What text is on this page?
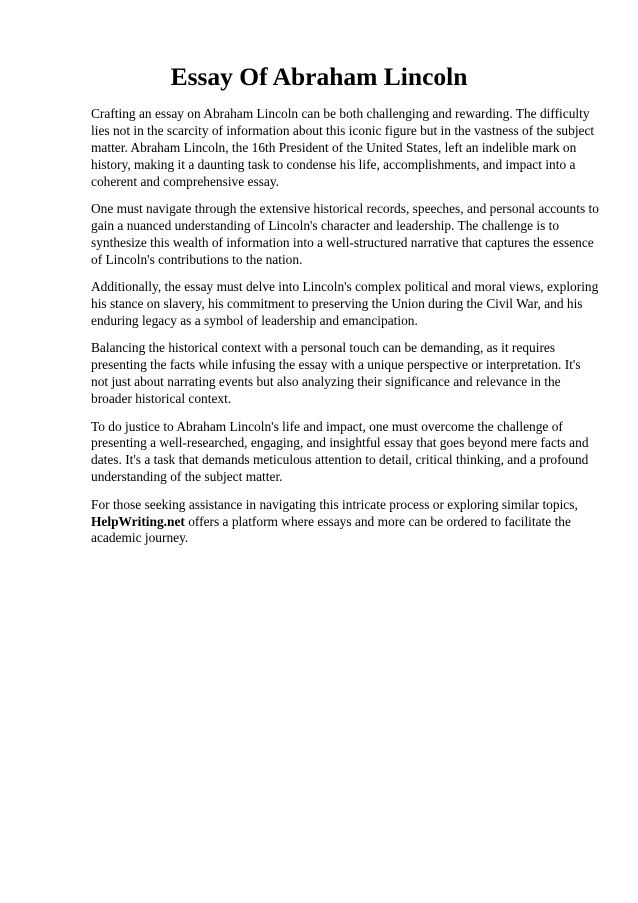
Essay Of Abraham Lincoln

Crafting an essay on Abraham Lincoln can be both challenging and rewarding. The difficulty lies not in the scarcity of information about this iconic figure but in the vastness of the subject matter. Abraham Lincoln, the 16th President of the United States, left an indelible mark on history, making it a daunting task to condense his life, accomplishments, and impact into a coherent and comprehensive essay.

One must navigate through the extensive historical records, speeches, and personal accounts to gain a nuanced understanding of Lincoln's character and leadership. The challenge is to synthesize this wealth of information into a well-structured narrative that captures the essence of Lincoln's contributions to the nation.

Additionally, the essay must delve into Lincoln's complex political and moral views, exploring his stance on slavery, his commitment to preserving the Union during the Civil War, and his enduring legacy as a symbol of leadership and emancipation.

Balancing the historical context with a personal touch can be demanding, as it requires presenting the facts while infusing the essay with a unique perspective or interpretation. It's not just about narrating events but also analyzing their significance and relevance in the broader historical context.

To do justice to Abraham Lincoln's life and impact, one must overcome the challenge of presenting a well-researched, engaging, and insightful essay that goes beyond mere facts and dates. It's a task that demands meticulous attention to detail, critical thinking, and a profound understanding of the subject matter.

For those seeking assistance in navigating this intricate process or exploring similar topics, HelpWriting.net offers a platform where essays and more can be ordered to facilitate the academic journey.
